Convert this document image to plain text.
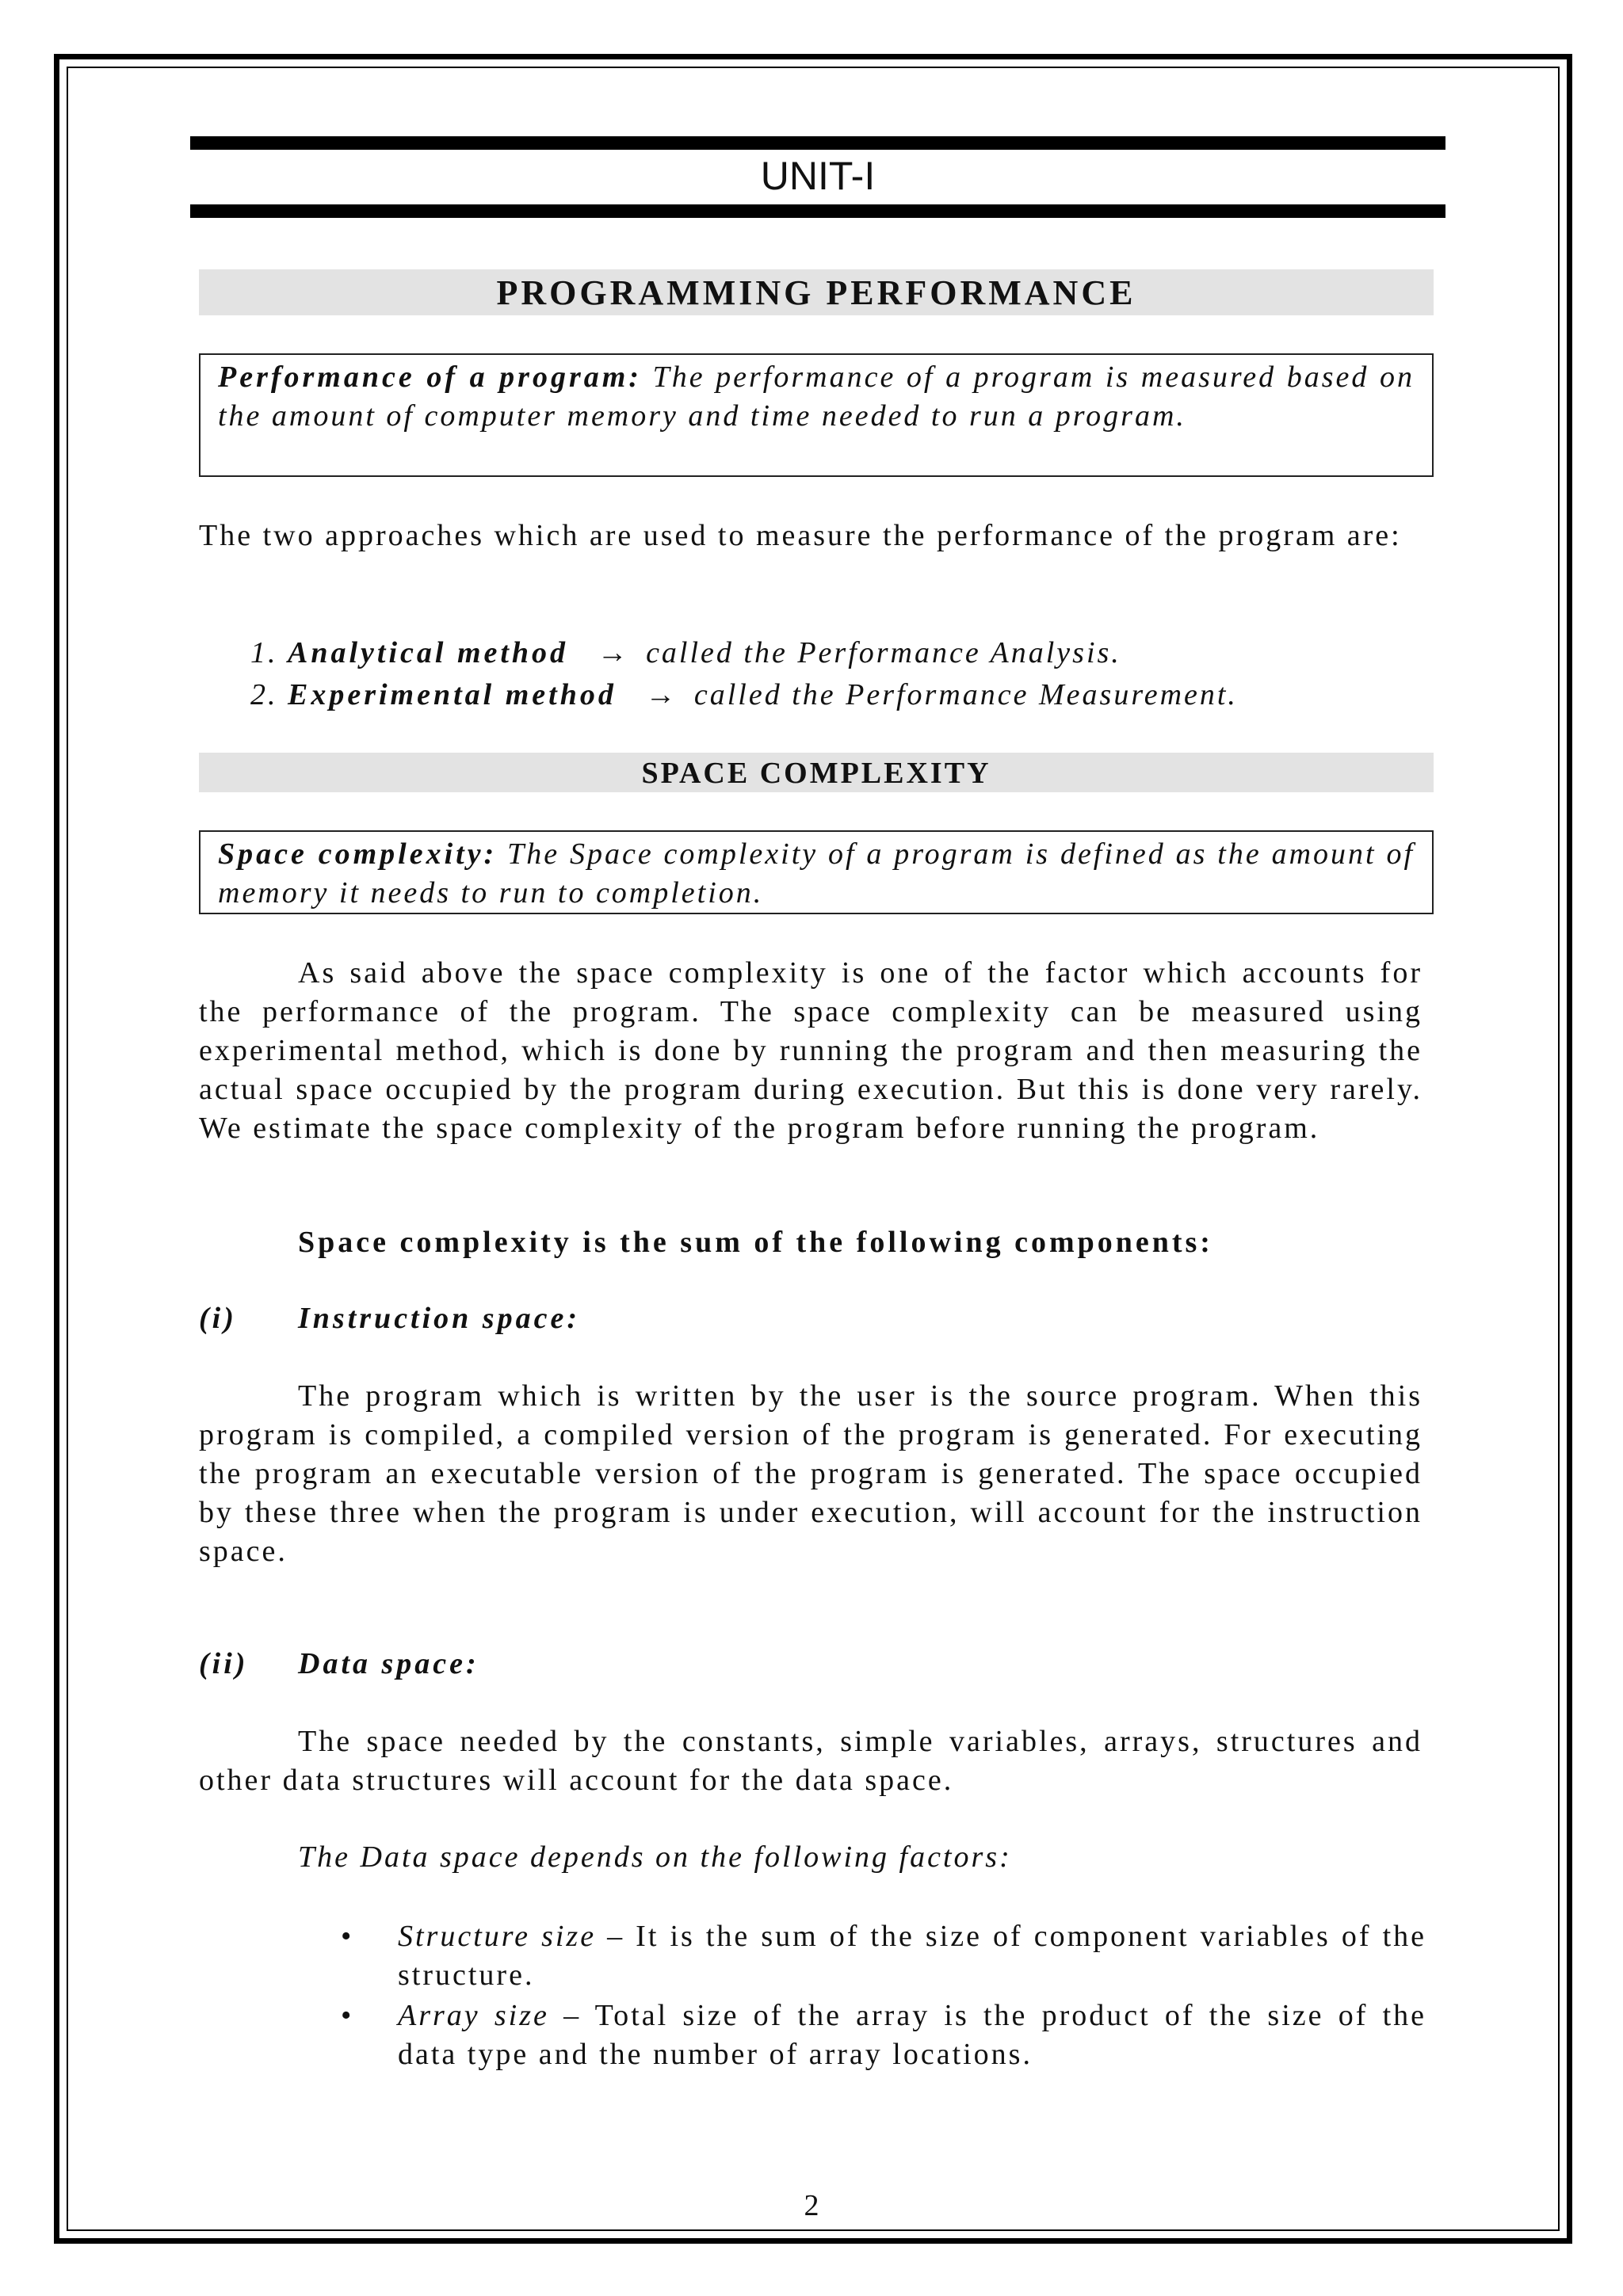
UNIT-I
PROGRAMMING PERFORMANCE
Performance of a program: The performance of a program is measured based on the amount of computer memory and time needed to run a program.

The two approaches which are used to measure the performance of the program are:

1. Analytical method → called the Performance Analysis.
2. Experimental method → called the Performance Measurement.
SPACE COMPLEXITY
Space complexity: The Space complexity of a program is defined as the amount of memory it needs to run to completion.

As said above the space complexity is one of the factor which accounts for the performance of the program. The space complexity can be measured using experimental method, which is done by running the program and then measuring the actual space occupied by the program during execution. But this is done very rarely. We estimate the space complexity of the program before running the program.

Space complexity is the sum of the following components:
(i) Instruction space:

The program which is written by the user is the source program. When this program is compiled, a compiled version of the program is generated. For executing the program an executable version of the program is generated. The space occupied by these three when the program is under execution, will account for the instruction space.

(ii) Data space:

The space needed by the constants, simple variables, arrays, structures and other data structures will account for the data space.

The Data space depends on the following factors:

• Structure size – It is the sum of the size of component variables of the structure.
• Array size – Total size of the array is the product of the size of the data type and the number of array locations.
2
